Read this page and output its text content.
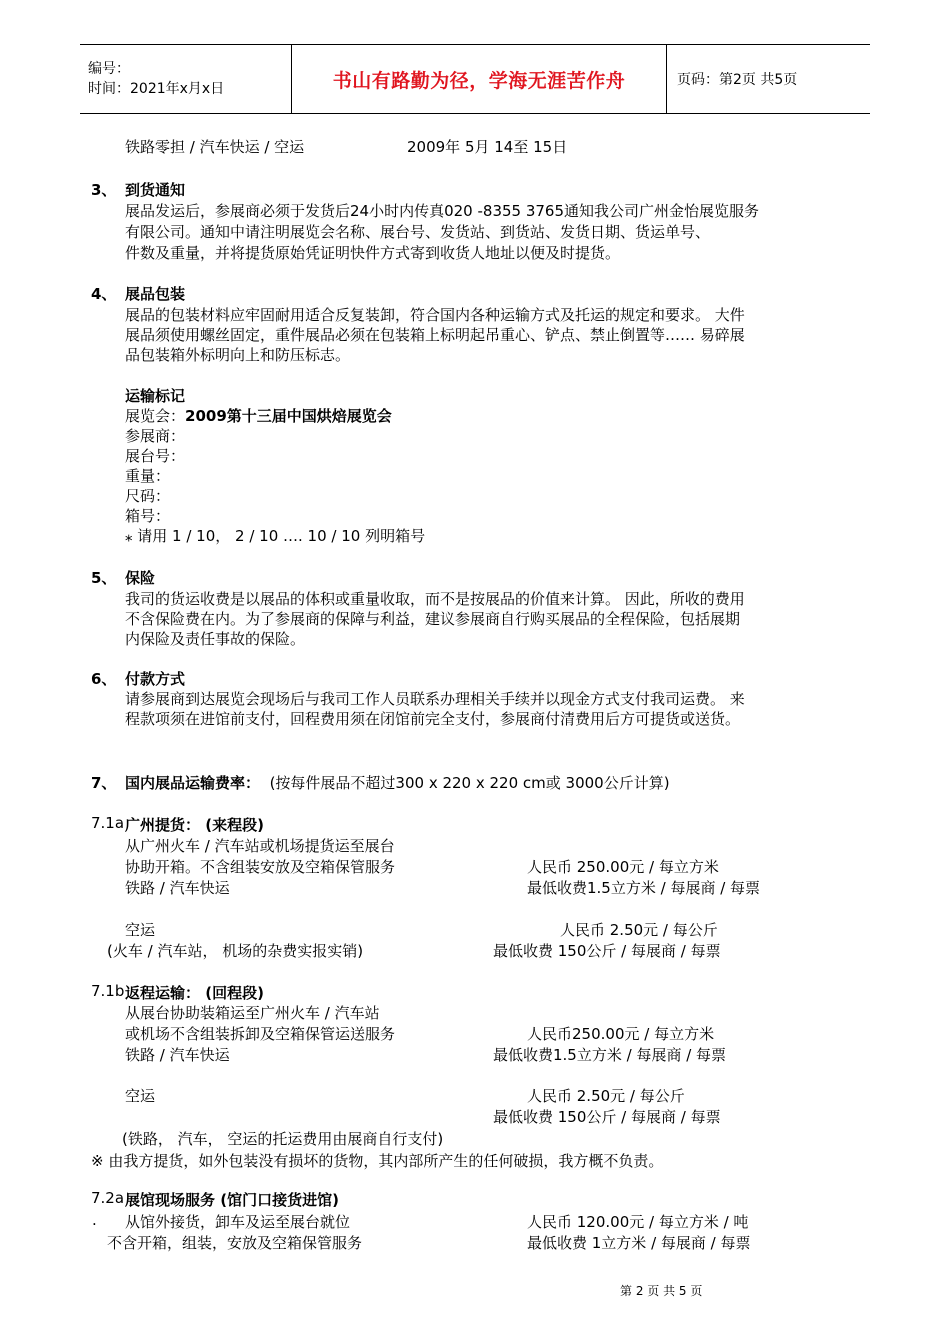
编号：
时间：2021年x月x日	书山有路勤为径，学海无涯苦作舟	页码：第2页 共5页
铁路零担 / 汽车快运 / 空运	2009年 5月 14至 15日
3、 到货通知
展品发运后，参展商必须于发货后24小时内传真020 -8355 3765通知我公司广州金怡展览服务
有限公司。通知中请注明展览会名称、展台号、发货站、到货站、发货日期、货运单号、
件数及重量，并将提货原始凭证明快件方式寄到收货人地址以便及时提货。
4、 展品包装
展品的包装材料应牢固耐用适合反复装卸，符合国内各种运输方式及托运的规定和要求。 大件
展品须使用螺丝固定，重件展品必须在包装箱上标明起吊重心、铲点、禁止倒置等…… 易碎展
品包装箱外标明向上和防压标志。
运输标记
展览会：2009第十三届中国烘焙展览会
参展商：
展台号：
重量：
尺码：
箱号：
⁎ 请用 1 / 10， 2 / 10 …. 10 / 10 列明箱号
5、 保险
我司的货运收费是以展品的体积或重量收取，而不是按展品的价值来计算。 因此，所收的费用
不含保险费在内。为了参展商的保障与利益，建议参展商自行购买展品的全程保险，包括展期
内保险及责任事故的保险。
6、 付款方式
请参展商到达展览会现场后与我司工作人员联系办理相关手续并以现金方式支付我司运费。 来
程款项须在进馆前支付，回程费用须在闭馆前完全支付，参展商付清费用后方可提货或送货。
7、 国内展品运输费率： (按每件展品不超过300 x 220 x 220 cm或 3000公斤计算)
7.1a 广州提货： (来程段)
从广州火车 / 汽车站或机场提货运至展台
协助开箱。不含组装安放及空箱保管服务	人民币 250.00元 / 每立方米
铁路 / 汽车快运	最低收费1.5立方米 / 每展商 / 每票
空运	人民币 2.50元 / 每公斤
(火车 / 汽车站， 机场的杂费实报实销)	最低收费 150公斤 / 每展商 / 每票
7.1b 返程运输： (回程段)
从展台协助装箱运至广州火车 / 汽车站
或机场不含组装拆卸及空箱保管运送服务	人民币250.00元 / 每立方米
铁路 / 汽车快运	最低收费1.5立方米 / 每展商 / 每票
空运	人民币 2.50元 / 每公斤
最低收费 150公斤 / 每展商 / 每票
(铁路， 汽车， 空运的托运费用由展商自行支付)
※ 由我方提货，如外包装没有损坏的货物，其内部所产生的任何破损，我方概不负责。
7.2a 展馆现场服务 (馆门口接货进馆)
. 从馆外接货，卸车及运至展台就位	人民币 120.00元 / 每立方米 / 吨
不含开箱，组装，安放及空箱保管服务	最低收费 1立方米 / 每展商 / 每票
第 2 页 共 5 页
